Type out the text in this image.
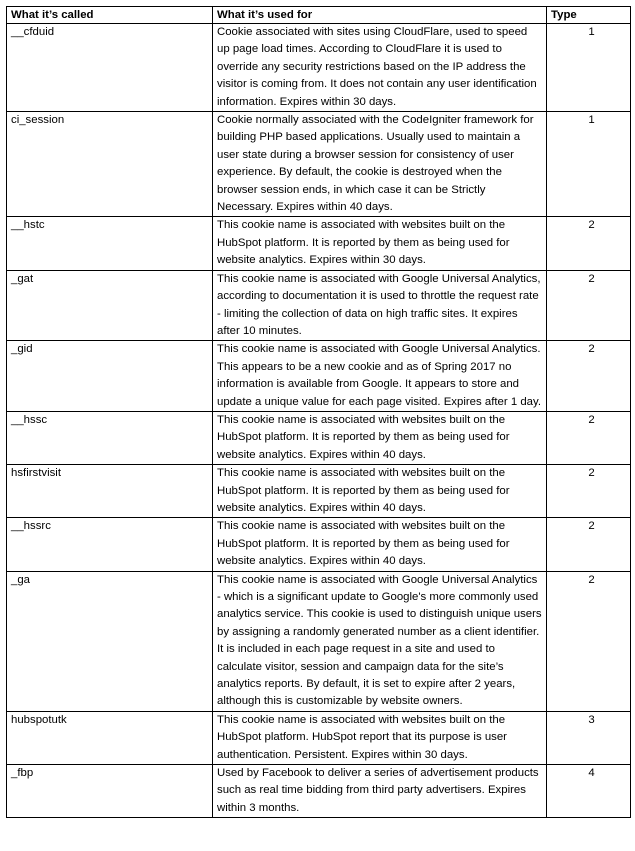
What it’s called	What it’s used for	Type
__cfduid	Cookie associated with sites using CloudFlare, used to speed up page load times. According to CloudFlare it is used to override any security restrictions based on the IP address the visitor is coming from. It does not contain any user identification information. Expires within 30 days.	1
ci_session	Cookie normally associated with the CodeIgniter framework for building PHP based applications. Usually used to maintain a user state during a browser session for consistency of user experience. By default, the cookie is destroyed when the browser session ends, in which case it can be Strictly Necessary. Expires within 40 days.	1
__hstc	This cookie name is associated with websites built on the HubSpot platform. It is reported by them as being used for website analytics. Expires within 30 days.	2
_gat	This cookie name is associated with Google Universal Analytics, according to documentation it is used to throttle the request rate - limiting the collection of data on high traffic sites. It expires after 10 minutes.	2
_gid	This cookie name is associated with Google Universal Analytics. This appears to be a new cookie and as of Spring 2017 no information is available from Google. It appears to store and update a unique value for each page visited. Expires after 1 day.	2
__hssc	This cookie name is associated with websites built on the HubSpot platform. It is reported by them as being used for website analytics. Expires within 40 days.	2
hsfirstvisit	This cookie name is associated with websites built on the HubSpot platform. It is reported by them as being used for website analytics. Expires within 40 days.	2
__hssrc	This cookie name is associated with websites built on the HubSpot platform. It is reported by them as being used for website analytics. Expires within 40 days.	2
_ga	This cookie name is associated with Google Universal Analytics - which is a significant update to Google's more commonly used analytics service. This cookie is used to distinguish unique users by assigning a randomly generated number as a client identifier. It is included in each page request in a site and used to calculate visitor, session and campaign data for the site’s analytics reports. By default, it is set to expire after 2 years, although this is customizable by website owners.	2
hubspotutk	This cookie name is associated with websites built on the HubSpot platform. HubSpot report that its purpose is user authentication. Persistent. Expires within 30 days.	3
_fbp	Used by Facebook to deliver a series of advertisement products such as real time bidding from third party advertisers. Expires within 3 months.	4
